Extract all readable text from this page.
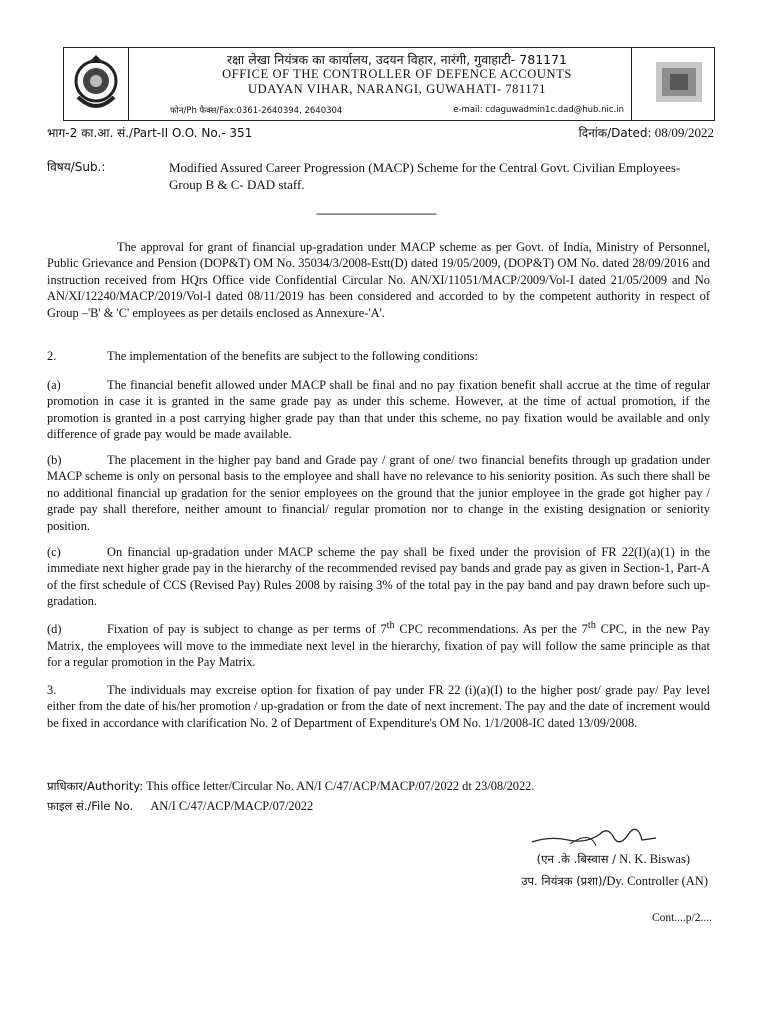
रक्षा लेखा नियंत्रक का कार्यालय, उदयन विहार, नारंगी, गुवाहाटी- 781171
OFFICE OF THE CONTROLLER OF DEFENCE ACCOUNTS
UDAYAN VIHAR, NARANGI, GUWAHATI- 781171
फोन/Ph फैक्स/Fax:0361-2640394, 2640304	e-mail: cdaguwadmin1c.dad@hub.nic.in
भाग-2 का.आ. सं./Part-II O.O. No.- 351	दिनांक/Dated: 08/09/2022
विषय/Sub.:	Modified Assured Career Progression (MACP) Scheme for the Central Govt. Civilian Employees- Group B & C- DAD staff.
----------------------------------------
The approval for grant of financial up-gradation under MACP scheme as per Govt. of India, Ministry of Personnel, Public Grievance and Pension (DOP&T) OM No. 35034/3/2008-Estt(D) dated 19/05/2009, (DOP&T) OM No. dated 28/09/2016 and instruction received from HQrs Office vide Confidential Circular No. AN/XI/11051/MACP/2009/Vol-I dated 21/05/2009 and No AN/XI/12240/MACP/2019/Vol-I dated 08/11/2019 has been considered and accorded to by the competent authority in respect of Group –'B' & 'C' employees as per details enclosed as Annexure-'A'.
2.	The implementation of the benefits are subject to the following conditions:
(a)	The financial benefit allowed under MACP shall be final and no pay fixation benefit shall accrue at the time of regular promotion in case it is granted in the same grade pay as under this scheme. However, at the time of actual promotion, if the promotion is granted in a post carrying higher grade pay than that under this scheme, no pay fixation would be available and only difference of grade pay would be made available.
(b)	The placement in the higher pay band and Grade pay / grant of one/ two financial benefits through up gradation under MACP scheme is only on personal basis to the employee and shall have no relevance to his seniority position. As such there shall be no additional financial up gradation for the senior employees on the ground that the junior employee in the grade got higher pay / grade pay shall therefore, neither amount to financial/ regular promotion nor to change in the existing designation or seniority position.
(c)	On financial up-gradation under MACP scheme the pay shall be fixed under the provision of FR 22(I)(a)(1) in the immediate next higher grade pay in the hierarchy of the recommended revised pay bands and grade pay as given in Section-1, Part-A of the first schedule of CCS (Revised Pay) Rules 2008 by raising 3% of the total pay in the pay band and pay drawn before such up-gradation.
(d)	Fixation of pay is subject to change as per terms of 7th CPC recommendations. As per the 7th CPC, in the new Pay Matrix, the employees will move to the immediate next level in the hierarchy, fixation of pay will follow the same principle as that for a regular promotion in the Pay Matrix.
3.	The individuals may excreise option for fixation of pay under FR 22 (i)(a)(I) to the higher post/ grade pay/ Pay level either from the date of his/her promotion / up-gradation or from the date of next increment. The pay and the date of increment would be fixed in accordance with clarification No. 2 of Department of Expenditure's OM No. 1/1/2008-IC dated 13/09/2008.
प्राधिकार/Authority: This office letter/Circular No. AN/I C/47/ACP/MACP/07/2022 dt 23/08/2022.
फ़ाइल सं./File No. AN/I C/47/ACP/MACP/07/2022
(एन .के .बिस्वास / N. K. Biswas)
उप. नियंत्रक (प्रशा)/Dy. Controller (AN)
Cont....p/2....
